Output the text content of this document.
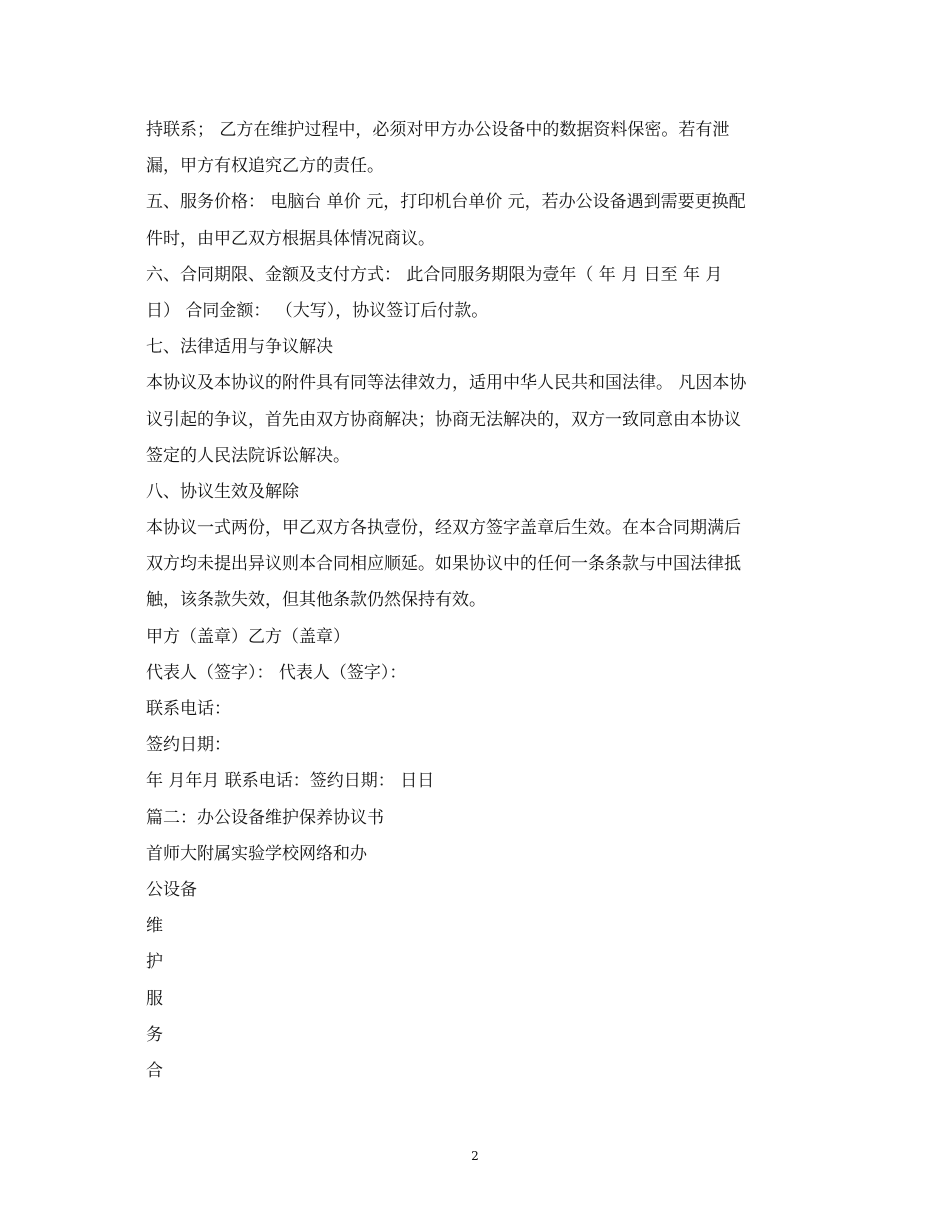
持联系； 乙方在维护过程中，必须对甲方办公设备中的数据资料保密。若有泄
漏，甲方有权追究乙方的责任。
五、服务价格： 电脑台 单价 元，打印机台单价 元，若办公设备遇到需要更换配
件时，由甲乙双方根据具体情况商议。
六、合同期限、金额及支付方式： 此合同服务期限为壹年（ 年 月 日至 年 月
日） 合同金额： （大写），协议签订后付款。
七、法律适用与争议解决
本协议及本协议的附件具有同等法律效力，适用中华人民共和国法律。 凡因本协
议引起的争议，首先由双方协商解决；协商无法解决的，双方一致同意由本协议
签定的人民法院诉讼解决。
八、协议生效及解除
本协议一式两份，甲乙双方各执壹份，经双方签字盖章后生效。在本合同期满后
双方均未提出异议则本合同相应顺延。如果协议中的任何一条条款与中国法律抵
触，该条款失效，但其他条款仍然保持有效。
甲方（盖章）乙方（盖章）
代表人（签字）： 代表人（签字）：
联系电话：
签约日期：
年 月年月 联系电话：签约日期： 日日
篇二：办公设备维护保养协议书
首师大附属实验学校网络和办
公设备
维
护
服
务
合
2
